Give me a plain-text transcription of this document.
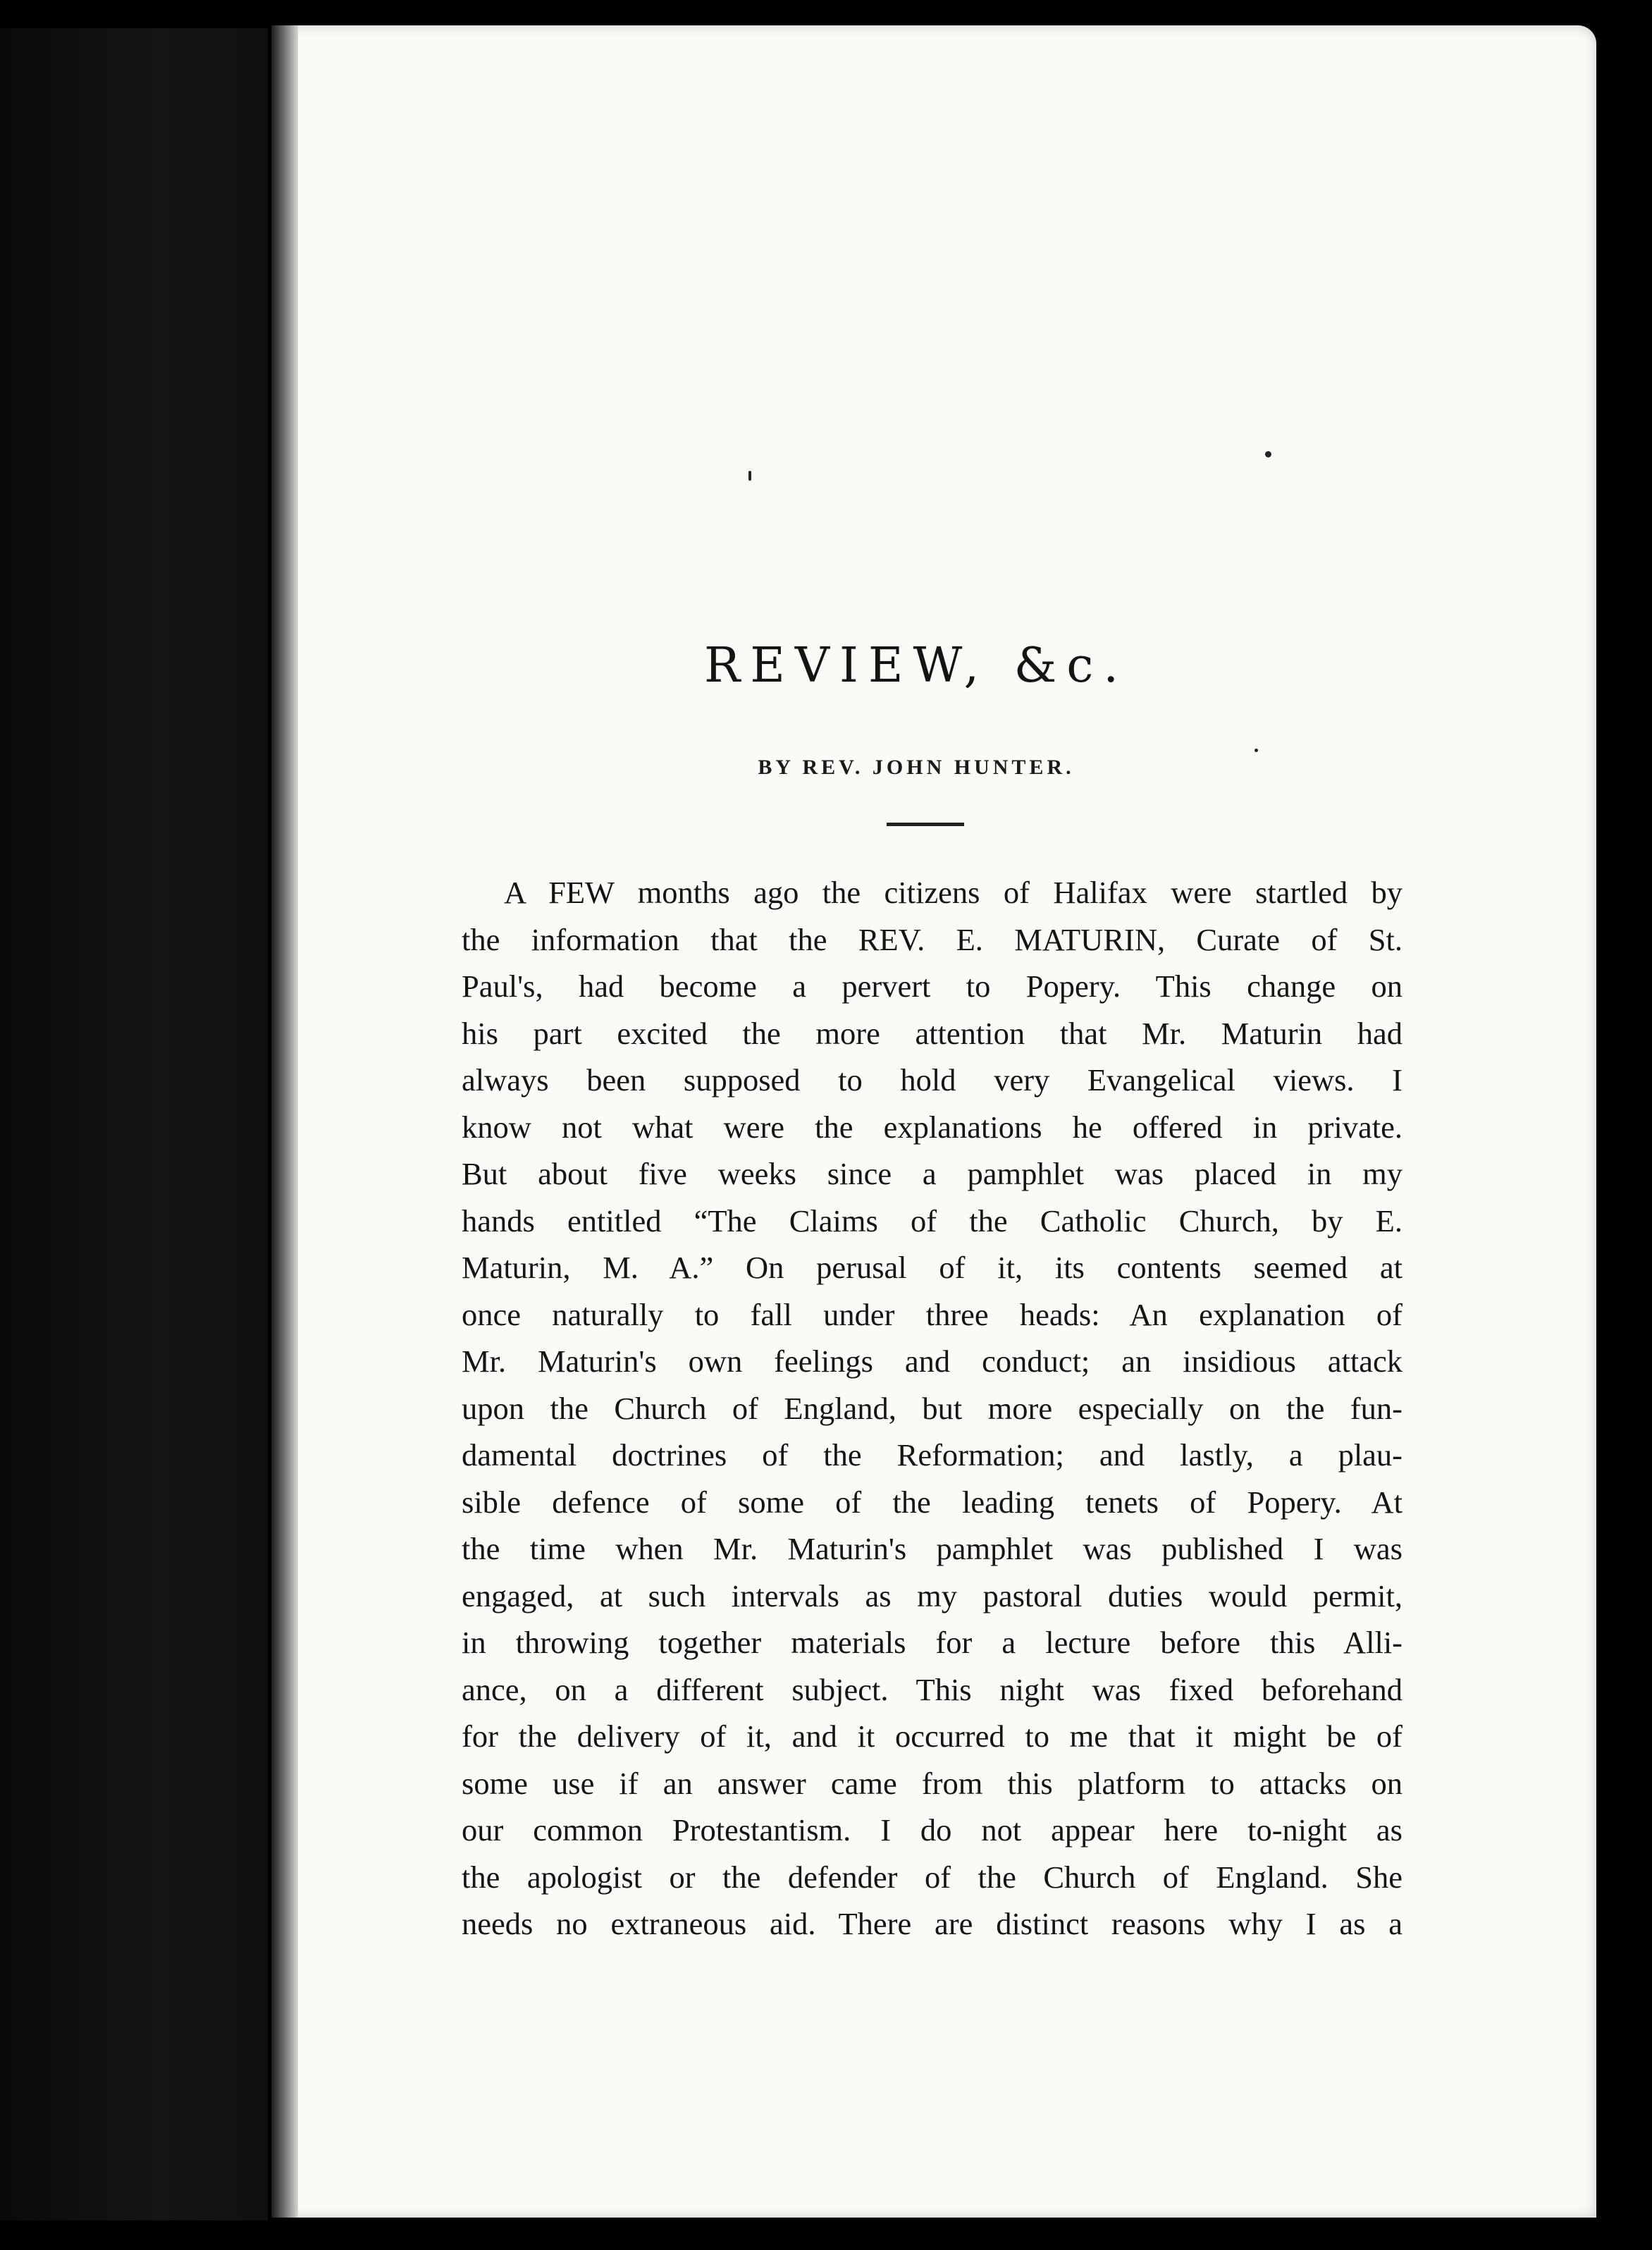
REVIEW, &c.
BY REV. JOHN HUNTER.
A FEW months ago the citizens of Halifax were startled by
the information that the REV. E. MATURIN, Curate of St.
Paul's, had become a pervert to Popery. This change on
his part excited the more attention that Mr. Maturin had
always been supposed to hold very Evangelical views. I
know not what were the explanations he offered in private.
But about five weeks since a pamphlet was placed in my
hands entitled “The Claims of the Catholic Church, by E.
Maturin, M. A.” On perusal of it, its contents seemed at
once naturally to fall under three heads: An explanation of
Mr. Maturin's own feelings and conduct; an insidious attack
upon the Church of England, but more especially on the fun-
damental doctrines of the Reformation; and lastly, a plau-
sible defence of some of the leading tenets of Popery. At
the time when Mr. Maturin's pamphlet was published I was
engaged, at such intervals as my pastoral duties would permit,
in throwing together materials for a lecture before this Alli-
ance, on a different subject. This night was fixed beforehand
for the delivery of it, and it occurred to me that it might be of
some use if an answer came from this platform to attacks on
our common Protestantism. I do not appear here to-night as
the apologist or the defender of the Church of England. She
needs no extraneous aid. There are distinct reasons why I as a
